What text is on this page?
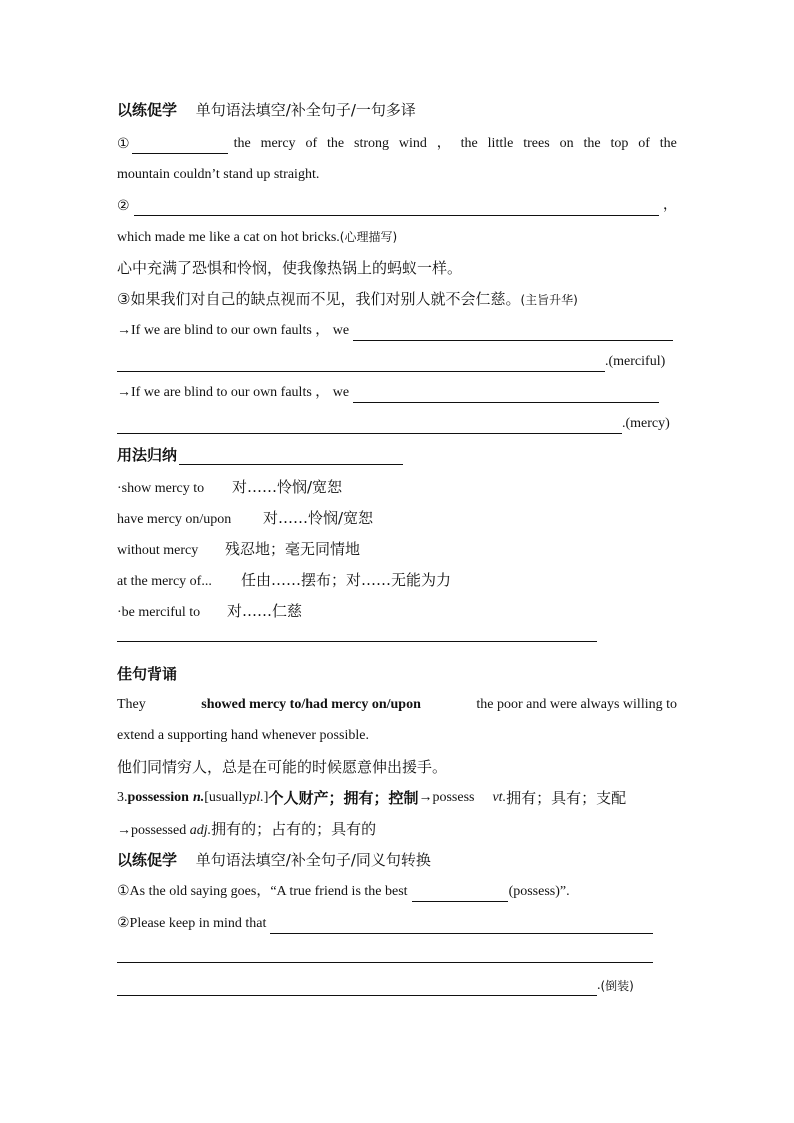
以练促学 单句语法填空/补全句子/一句多译
①	the mercy of the strong wind ， the little trees on the top of the
mountain couldn’t stand up straight.
②	，
which made me like a cat on hot bricks.(心理描写)
心中充满了恐惧和怜悯，使我像热锅上的蚂蚁一样。
③如果我们对自己的缺点视而不见，我们对别人就不会仁慈。(主旨升华)
→If we are blind to our own faults ， we
.(merciful)
→If we are blind to our own faults ， we
.(mercy)
用法归纳
·show mercy to 对……怜悯/宽恕
have mercy on/upon 对……怜悯/宽恕
without mercy 残忍地；毫无同情地
at the mercy of... 任由……摆布；对……无能为力
·be merciful to 对……仁慈
佳句背诵
They	showed mercy to/had mercy on/upon	the poor and were always willing to
extend a supporting hand whenever possible.
他们同情穷人，总是在可能的时候愿意伸出援手。
3. possession n. [usually pl. ] 个人财产；拥有；控制 →possess vt. 拥有；具有；支配
→possessed adj.拥有的；占有的；具有的
以练促学 单句语法填空/补全句子/同义句转换
①As the old saying goes，“A true friend is the best	(possess)”.
②Please keep in mind that
. (倒装)
